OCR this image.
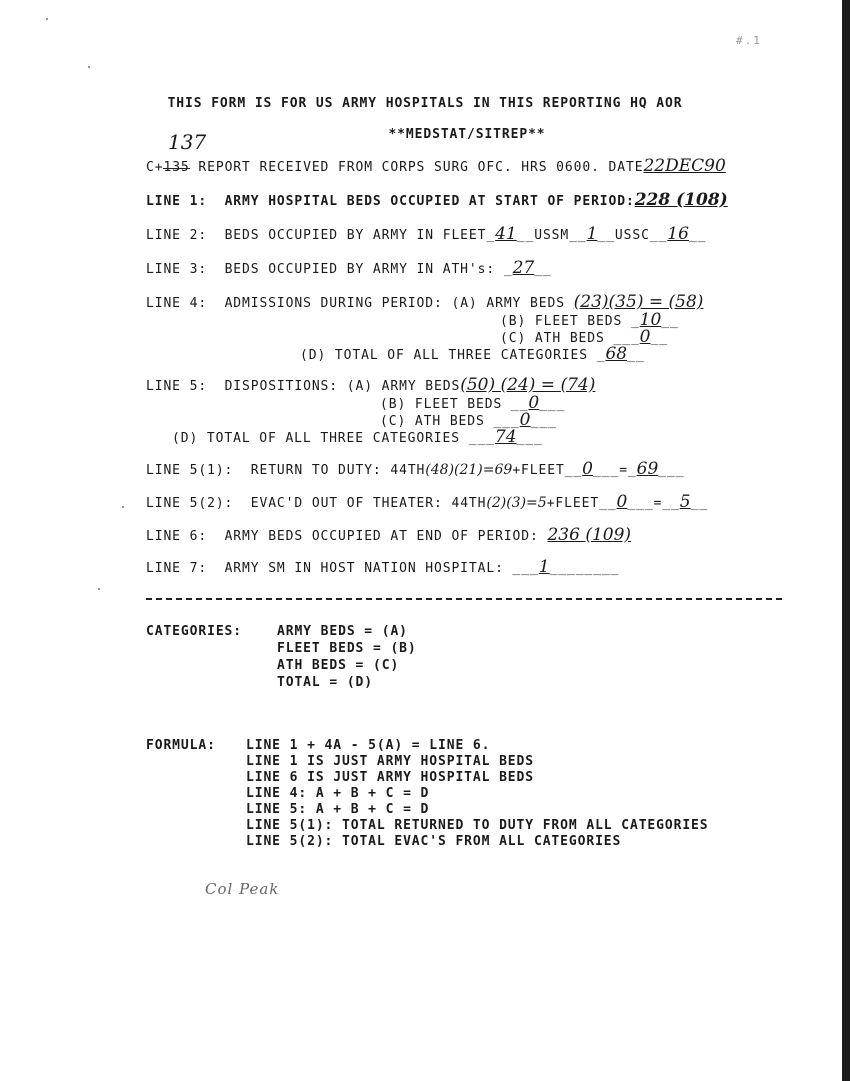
#.1
THIS FORM IS FOR US ARMY HOSPITALS IN THIS REPORTING HQ AOR
**MEDSTAT/SITREP**
137
C+135 REPORT RECEIVED FROM CORPS SURG OFC. HRS 0600. DATE22DEC90
LINE 1: ARMY HOSPITAL BEDS OCCUPIED AT START OF PERIOD:228 (108)
LINE 2: BEDS OCCUPIED BY ARMY IN FLEET_41__USSM__1__USSC__16__
LINE 3: BEDS OCCUPIED BY ARMY IN ATH's: _27__
LINE 4: ADMISSIONS DURING PERIOD: (A) ARMY BEDS (23)(35) = (58)
(B) FLEET BEDS _10__
(C) ATH BEDS ___0__
(D) TOTAL OF ALL THREE CATEGORIES _68__
LINE 5: DISPOSITIONS: (A) ARMY BEDS(50) (24) = (74)
(B) FLEET BEDS __0___
(C) ATH BEDS ___0___
(D) TOTAL OF ALL THREE CATEGORIES ___74___
LINE 5(1): RETURN TO DUTY: 44TH(48)(21)=69+FLEET__0___=_69___
LINE 5(2): EVAC'D OUT OF THEATER: 44TH(2)(3)=5+FLEET__0___=__5__
LINE 6: ARMY BEDS OCCUPIED AT END OF PERIOD: 236 (109)
LINE 7: ARMY SM IN HOST NATION HOSPITAL: ___1________
CATEGORIES:	ARMY BEDS = (A)
FLEET BEDS = (B)
ATH BEDS = (C)
TOTAL = (D)
FORMULA: LINE 1 + 4A - 5(A) = LINE 6.
LINE 1 IS JUST ARMY HOSPITAL BEDS
LINE 6 IS JUST ARMY HOSPITAL BEDS
LINE 4: A + B + C = D
LINE 5: A + B + C = D
LINE 5(1): TOTAL RETURNED TO DUTY FROM ALL CATEGORIES
LINE 5(2): TOTAL EVAC'S FROM ALL CATEGORIES
Col Peak
